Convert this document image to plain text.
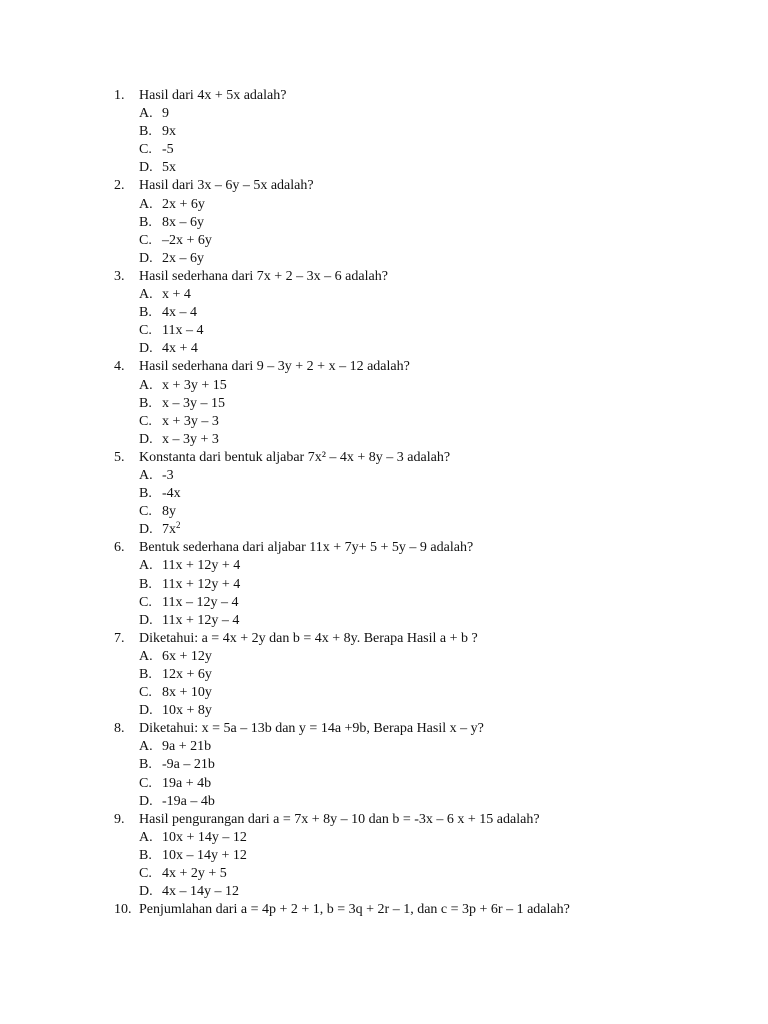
1.	Hasil dari 4x + 5x adalah?
A. 9
B. 9x
C. -5
D. 5x
2.	Hasil dari 3x – 6y – 5x adalah?
A. 2x + 6y
B. 8x – 6y
C. –2x + 6y
D. 2x – 6y
3.	Hasil sederhana dari 7x + 2 – 3x – 6 adalah?
A. x + 4
B. 4x – 4
C. 11x – 4
D. 4x + 4
4.	Hasil sederhana dari 9 – 3y + 2 + x – 12 adalah?
A. x + 3y + 15
B. x – 3y – 15
C. x + 3y – 3
D. x – 3y + 3
5.	Konstanta dari bentuk aljabar 7x² – 4x + 8y – 3 adalah?
A. -3
B. -4x
C. 8y
D. $7x^2$
6.	Bentuk sederhana dari aljabar 11x + 7y+ 5 + 5y – 9 adalah?
A. 11x + 12y + 4
B. 11x + 12y + 4
C. 11x – 12y – 4
D. 11x + 12y – 4
7.	Diketahui: a = 4x + 2y dan b = 4x + 8y. Berapa Hasil a + b ?
A. 6x + 12y
B. 12x + 6y
C. 8x + 10y
D. 10x + 8y
8.	Diketahui: x = 5a – 13b dan y = 14a +9b, Berapa Hasil x – y?
A. 9a + 21b
B. -9a – 21b
C. 19a + 4b
D. -19a – 4b
9.	Hasil pengurangan dari a = 7x + 8y – 10 dan b = -3x – 6 x + 15 adalah?
A. 10x + 14y – 12
B. 10x – 14y + 12
C. 4x + 2y + 5
D. 4x – 14y – 12
10. Penjumlahan dari a = 4p + 2 + 1, b = 3q + 2r – 1, dan c = 3p + 6r – 1 adalah?
